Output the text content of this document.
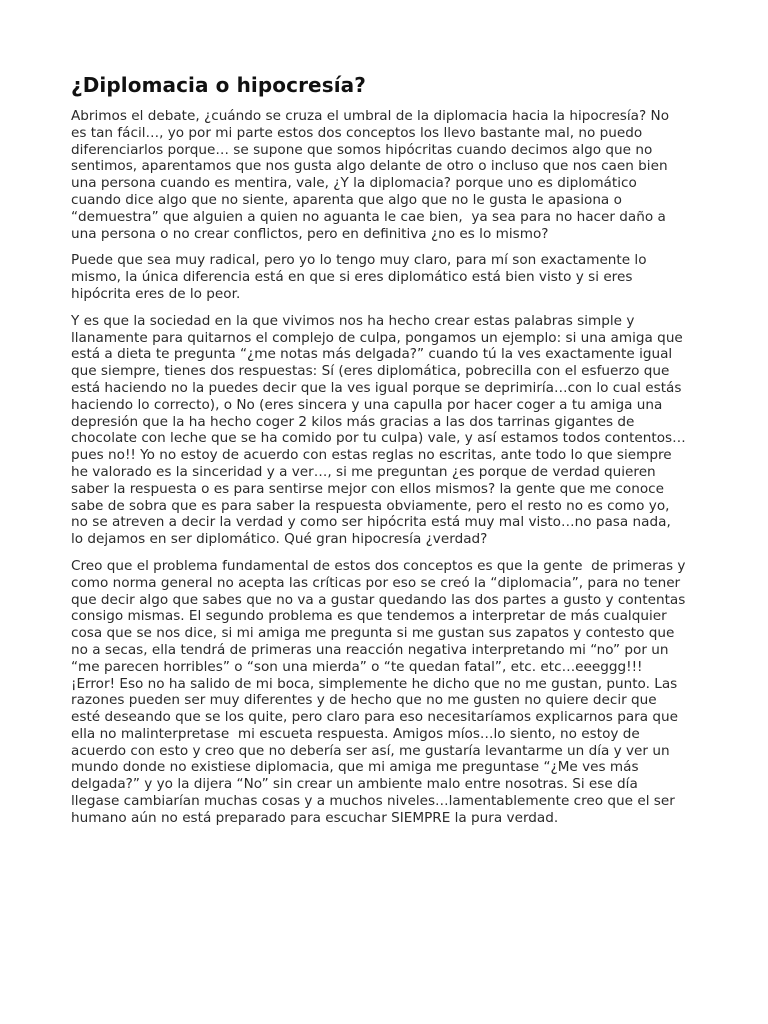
¿Diplomacia o hipocresía?
Abrimos el debate, ¿cuándo se cruza el umbral de la diplomacia hacia la hipocresía? No
es tan fácil…, yo por mi parte estos dos conceptos los llevo bastante mal, no puedo
diferenciarlos porque… se supone que somos hipócritas cuando decimos algo que no
sentimos, aparentamos que nos gusta algo delante de otro o incluso que nos caen bien
una persona cuando es mentira, vale, ¿Y la diplomacia? porque uno es diplomático
cuando dice algo que no siente, aparenta que algo que no le gusta le apasiona o
“demuestra” que alguien a quien no aguanta le cae bien,  ya sea para no hacer daño a
una persona o no crear conflictos, pero en definitiva ¿no es lo mismo?
Puede que sea muy radical, pero yo lo tengo muy claro, para mí son exactamente lo
mismo, la única diferencia está en que si eres diplomático está bien visto y si eres
hipócrita eres de lo peor.
Y es que la sociedad en la que vivimos nos ha hecho crear estas palabras simple y
llanamente para quitarnos el complejo de culpa, pongamos un ejemplo: si una amiga que
está a dieta te pregunta “¿me notas más delgada?” cuando tú la ves exactamente igual
que siempre, tienes dos respuestas: Sí (eres diplomática, pobrecilla con el esfuerzo que
está haciendo no la puedes decir que la ves igual porque se deprimiría…con lo cual estás
haciendo lo correcto), o No (eres sincera y una capulla por hacer coger a tu amiga una
depresión que la ha hecho coger 2 kilos más gracias a las dos tarrinas gigantes de
chocolate con leche que se ha comido por tu culpa) vale, y así estamos todos contentos…
pues no!! Yo no estoy de acuerdo con estas reglas no escritas, ante todo lo que siempre
he valorado es la sinceridad y a ver…, si me preguntan ¿es porque de verdad quieren
saber la respuesta o es para sentirse mejor con ellos mismos? la gente que me conoce
sabe de sobra que es para saber la respuesta obviamente, pero el resto no es como yo,
no se atreven a decir la verdad y como ser hipócrita está muy mal visto…no pasa nada,
lo dejamos en ser diplomático. Qué gran hipocresía ¿verdad?
Creo que el problema fundamental de estos dos conceptos es que la gente  de primeras y
como norma general no acepta las críticas por eso se creó la “diplomacia”, para no tener
que decir algo que sabes que no va a gustar quedando las dos partes a gusto y contentas
consigo mismas. El segundo problema es que tendemos a interpretar de más cualquier
cosa que se nos dice, si mi amiga me pregunta si me gustan sus zapatos y contesto que
no a secas, ella tendrá de primeras una reacción negativa interpretando mi “no” por un
“me parecen horribles” o “son una mierda” o “te quedan fatal”, etc. etc…eeeggg!!!
¡Error! Eso no ha salido de mi boca, simplemente he dicho que no me gustan, punto. Las
razones pueden ser muy diferentes y de hecho que no me gusten no quiere decir que
esté deseando que se los quite, pero claro para eso necesitaríamos explicarnos para que
ella no malinterpretase  mi escueta respuesta. Amigos míos…lo siento, no estoy de
acuerdo con esto y creo que no debería ser así, me gustaría levantarme un día y ver un
mundo donde no existiese diplomacia, que mi amiga me preguntase “¿Me ves más
delgada?” y yo la dijera “No” sin crear un ambiente malo entre nosotras. Si ese día
llegase cambiarían muchas cosas y a muchos niveles…lamentablemente creo que el ser
humano aún no está preparado para escuchar SIEMPRE la pura verdad.
